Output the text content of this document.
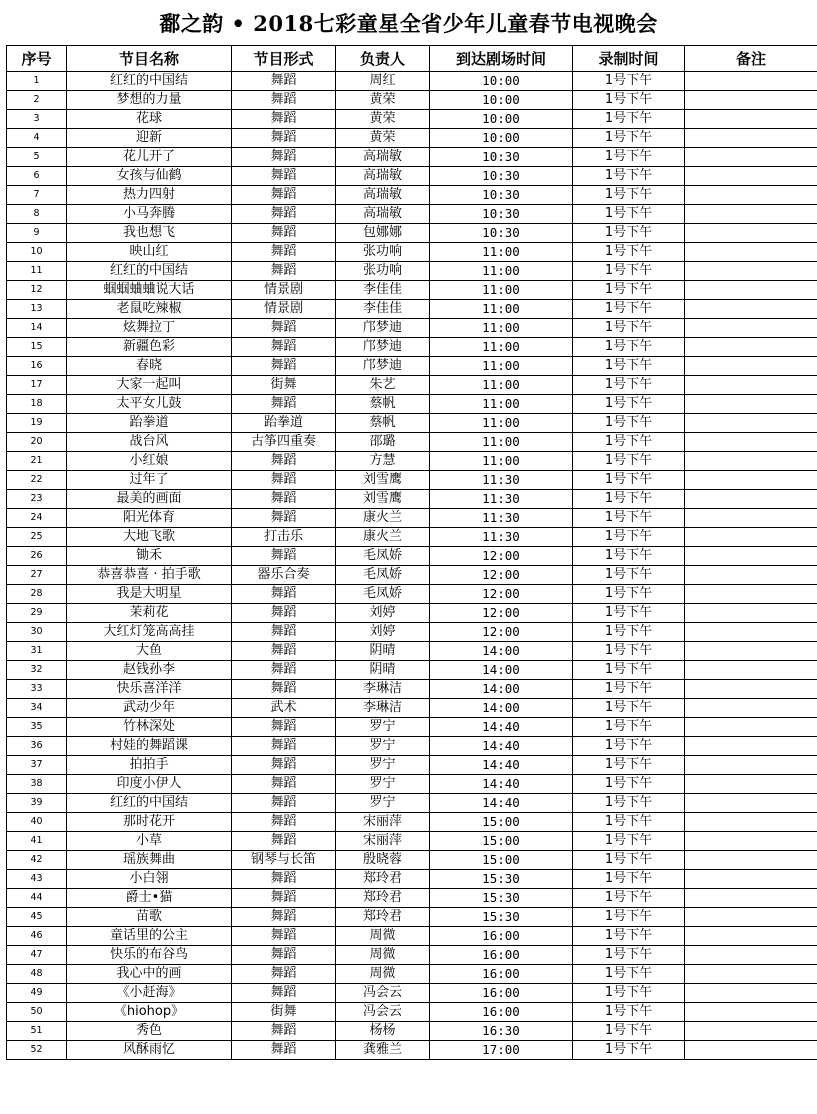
鄱之韵 • 2018七彩童星全省少年儿童春节电视晚会
序号	节目名称	节目形式	负责人	到达剧场时间	录制时间	备注
1	红红的中国结	舞蹈	周红	10:00	1号下午	
2	梦想的力量	舞蹈	黄荣	10:00	1号下午	
3	花球	舞蹈	黄荣	10:00	1号下午	
4	迎新	舞蹈	黄荣	10:00	1号下午	
5	花儿开了	舞蹈	高瑞敏	10:30	1号下午	
6	女孩与仙鹤	舞蹈	高瑞敏	10:30	1号下午	
7	热力四射	舞蹈	高瑞敏	10:30	1号下午	
8	小马奔腾	舞蹈	高瑞敏	10:30	1号下午	
9	我也想飞	舞蹈	包娜娜	10:30	1号下午	
10	映山红	舞蹈	张功响	11:00	1号下午	
11	红红的中国结	舞蹈	张功响	11:00	1号下午	
12	蝈蝈蛐蛐说大话	情景剧	李佳佳	11:00	1号下午	
13	老鼠吃辣椒	情景剧	李佳佳	11:00	1号下午	
14	炫舞拉丁	舞蹈	邝梦迪	11:00	1号下午	
15	新疆色彩	舞蹈	邝梦迪	11:00	1号下午	
16	春晓	舞蹈	邝梦迪	11:00	1号下午	
17	大家一起叫	街舞	朱艺	11:00	1号下午	
18	太平女儿鼓	舞蹈	蔡帆	11:00	1号下午	
19	跆拳道	跆拳道	蔡帆	11:00	1号下午	
20	战台风	古筝四重奏	邵璐	11:00	1号下午	
21	小红娘	舞蹈	方慧	11:00	1号下午	
22	过年了	舞蹈	刘雪鹰	11:30	1号下午	
23	最美的画面	舞蹈	刘雪鹰	11:30	1号下午	
24	阳光体育	舞蹈	康火兰	11:30	1号下午	
25	大地飞歌	打击乐	康火兰	11:30	1号下午	
26	锄禾	舞蹈	毛凤娇	12:00	1号下午	
27	恭喜恭喜 · 拍手歌	器乐合奏	毛凤娇	12:00	1号下午	
28	我是大明星	舞蹈	毛凤娇	12:00	1号下午	
29	茉莉花	舞蹈	刘婷	12:00	1号下午	
30	大红灯笼高高挂	舞蹈	刘婷	12:00	1号下午	
31	大鱼	舞蹈	阴晴	14:00	1号下午	
32	赵钱孙李	舞蹈	阴晴	14:00	1号下午	
33	快乐喜洋洋	舞蹈	李琳洁	14:00	1号下午	
34	武动少年	武术	李琳洁	14:00	1号下午	
35	竹林深处	舞蹈	罗宁	14:40	1号下午	
36	村娃的舞蹈课	舞蹈	罗宁	14:40	1号下午	
37	拍拍手	舞蹈	罗宁	14:40	1号下午	
38	印度小伊人	舞蹈	罗宁	14:40	1号下午	
39	红红的中国结	舞蹈	罗宁	14:40	1号下午	
40	那时花开	舞蹈	宋丽萍	15:00	1号下午	
41	小草	舞蹈	宋丽萍	15:00	1号下午	
42	瑶族舞曲	钢琴与长笛	殷晓蓉	15:00	1号下午	
43	小白翎	舞蹈	郑玲君	15:30	1号下午	
44	爵士•猫	舞蹈	郑玲君	15:30	1号下午	
45	苗歌	舞蹈	郑玲君	15:30	1号下午	
46	童话里的公主	舞蹈	周微	16:00	1号下午	
47	快乐的布谷鸟	舞蹈	周微	16:00	1号下午	
48	我心中的画	舞蹈	周微	16:00	1号下午	
49	《小赶海》	舞蹈	冯会云	16:00	1号下午	
50	《hiohop》	街舞	冯会云	16:00	1号下午	
51	秀色	舞蹈	杨杨	16:30	1号下午	
52	风酥雨忆	舞蹈	龚雅兰	17:00	1号下午	
